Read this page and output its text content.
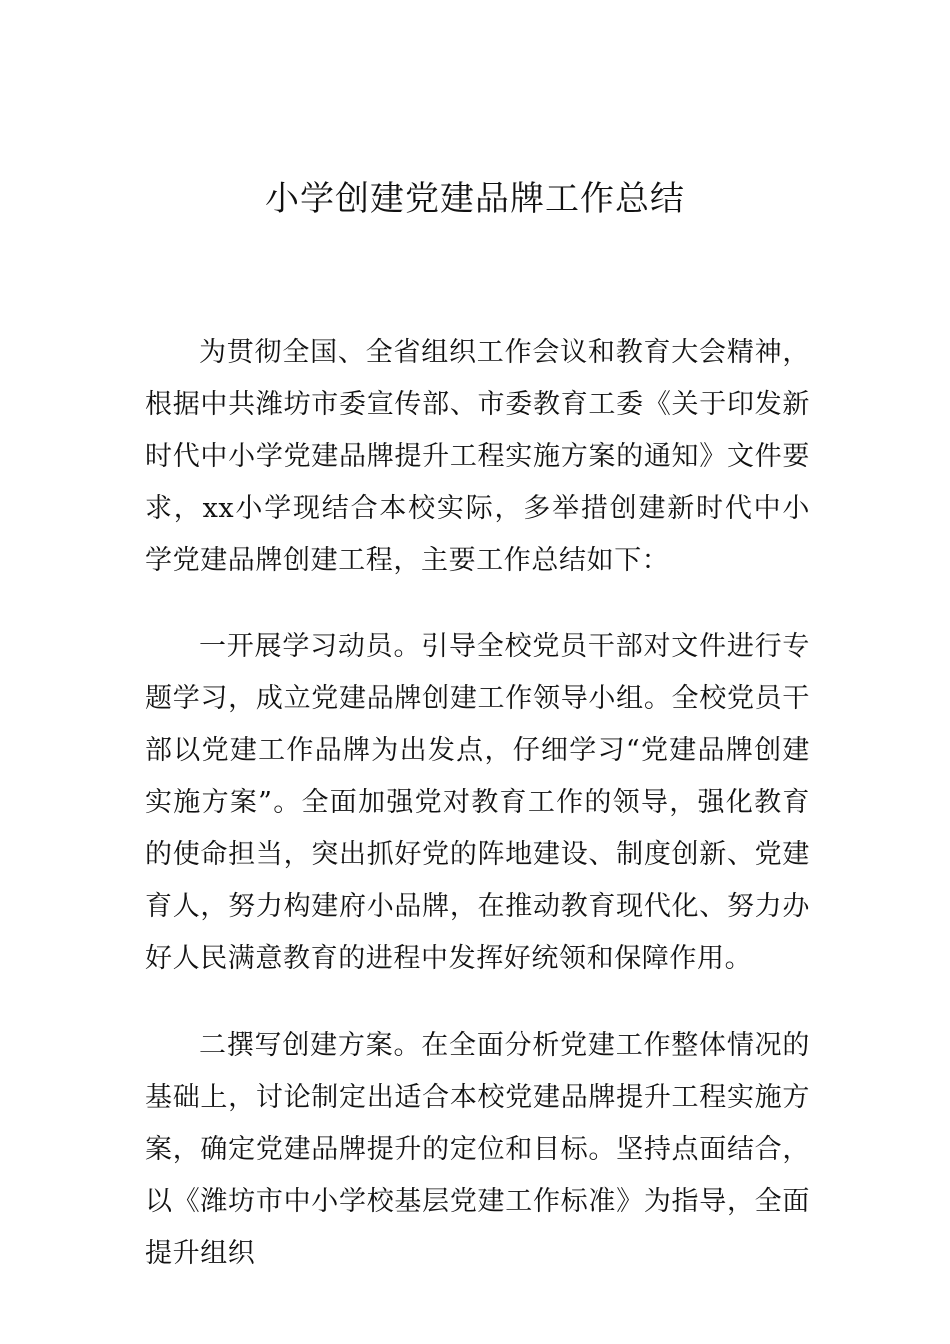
小学创建党建品牌工作总结

为贯彻全国、全省组织工作会议和教育大会精神，根据中共潍坊市委宣传部、市委教育工委《关于印发新时代中小学党建品牌提升工程实施方案的通知》文件要求，xx小学现结合本校实际，多举措创建新时代中小学党建品牌创建工程，主要工作总结如下：

一开展学习动员。引导全校党员干部对文件进行专题学习，成立党建品牌创建工作领导小组。全校党员干部以党建工作品牌为出发点，仔细学习“党建品牌创建实施方案”。全面加强党对教育工作的领导，强化教育的使命担当，突出抓好党的阵地建设、制度创新、党建育人，努力构建府小品牌，在推动教育现代化、努力办好人民满意教育的进程中发挥好统领和保障作用。

二撰写创建方案。在全面分析党建工作整体情况的基础上，讨论制定出适合本校党建品牌提升工程实施方案，确定党建品牌提升的定位和目标。坚持点面结合，以《潍坊市中小学校基层党建工作标准》为指导，全面提升组织
